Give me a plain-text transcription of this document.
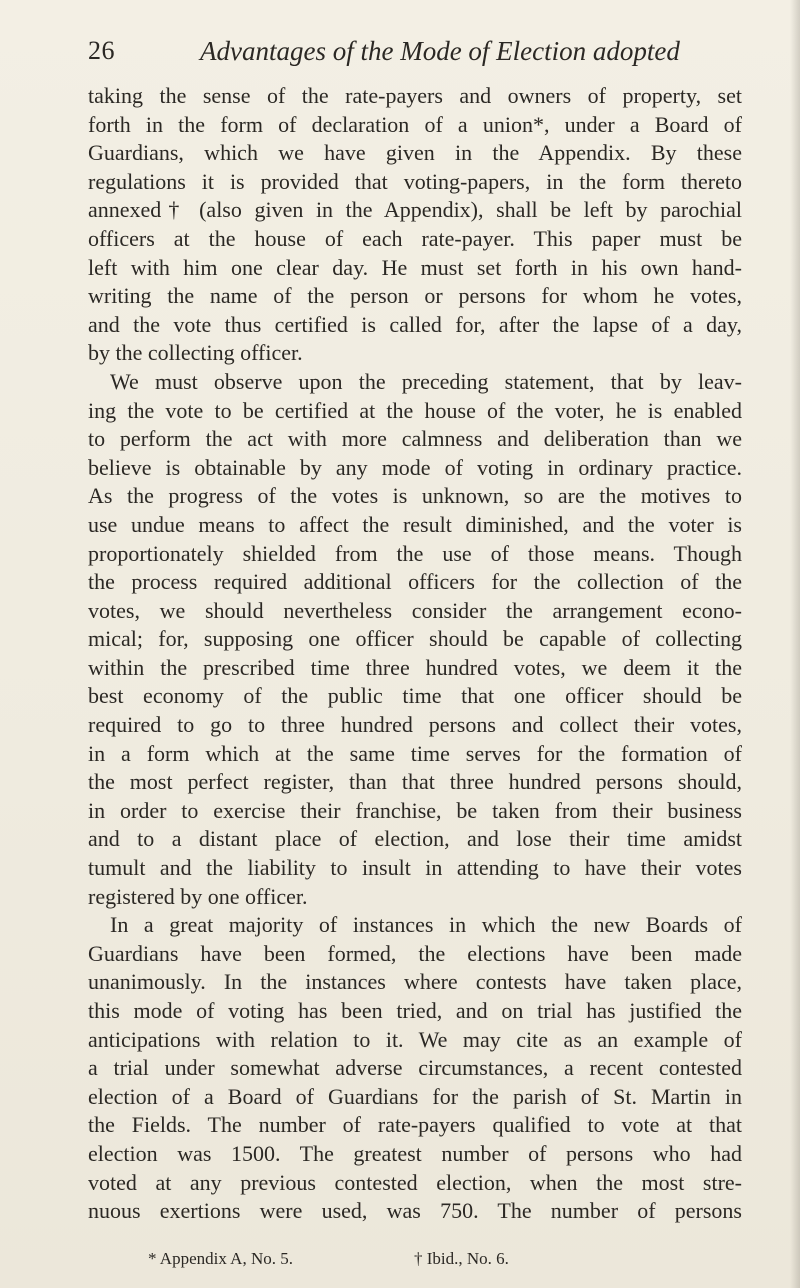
26	Advantages of the Mode of Election adopted
taking the sense of the rate-payers and owners of property, set
forth in the form of declaration of a union*, under a Board of
Guardians, which we have given in the Appendix. By these
regulations it is provided that voting-papers, in the form thereto
annexed† (also given in the Appendix), shall be left by parochial
officers at the house of each rate-payer. This paper must be
left with him one clear day. He must set forth in his own hand-
writing the name of the person or persons for whom he votes,
and the vote thus certified is called for, after the lapse of a day,
by the collecting officer.
We must observe upon the preceding statement, that by leav-
ing the vote to be certified at the house of the voter, he is enabled
to perform the act with more calmness and deliberation than we
believe is obtainable by any mode of voting in ordinary practice.
As the progress of the votes is unknown, so are the motives to
use undue means to affect the result diminished, and the voter is
proportionately shielded from the use of those means. Though
the process required additional officers for the collection of the
votes, we should nevertheless consider the arrangement econo-
mical; for, supposing one officer should be capable of collecting
within the prescribed time three hundred votes, we deem it the
best economy of the public time that one officer should be
required to go to three hundred persons and collect their votes,
in a form which at the same time serves for the formation of
the most perfect register, than that three hundred persons should,
in order to exercise their franchise, be taken from their business
and to a distant place of election, and lose their time amidst
tumult and the liability to insult in attending to have their votes
registered by one officer.
In a great majority of instances in which the new Boards of
Guardians have been formed, the elections have been made
unanimously. In the instances where contests have taken place,
this mode of voting has been tried, and on trial has justified the
anticipations with relation to it. We may cite as an example of
a trial under somewhat adverse circumstances, a recent contested
election of a Board of Guardians for the parish of St. Martin in
the Fields. The number of rate-payers qualified to vote at that
election was 1500. The greatest number of persons who had
voted at any previous contested election, when the most stre-
nuous exertions were used, was 750. The number of persons
* Appendix A, No. 5.	† Ibid., No. 6.
